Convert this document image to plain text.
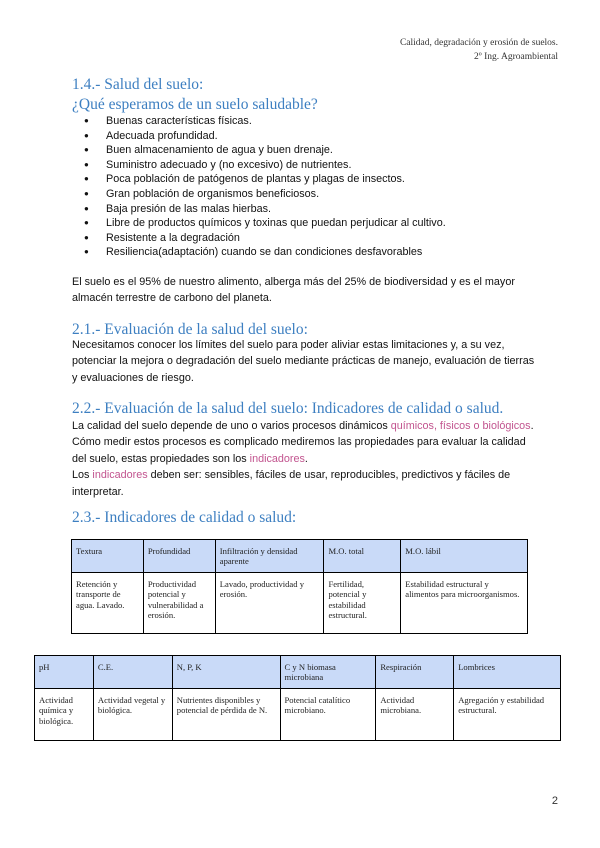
Calidad, degradación y erosión de suelos.
2º Ing. Agroambiental
1.4.- Salud del suelo:
¿Qué esperamos de un suelo saludable?
● Buenas características físicas.
● Adecuada profundidad.
● Buen almacenamiento de agua y buen drenaje.
● Suministro adecuado y (no excesivo) de nutrientes.
● Poca población de patógenos de plantas y plagas de insectos.
● Gran población de organismos beneficiosos.
● Baja presión de las malas hierbas.
● Libre de productos químicos y toxinas que puedan perjudicar al cultivo.
● Resistente a la degradación
● Resiliencia(adaptación) cuando se dan condiciones desfavorables

El suelo es el 95% de nuestro alimento, alberga más del 25% de biodiversidad y es el mayor almacén terrestre de carbono del planeta.

2.1.- Evaluación de la salud del suelo:

Necesitamos conocer los límites del suelo para poder aliviar estas limitaciones y, a su vez, potenciar la mejora o degradación del suelo mediante prácticas de manejo, evaluación de tierras y evaluaciones de riesgo.

2.2.- Evaluación de la salud del suelo: Indicadores de calidad o salud.

La calidad del suelo depende de uno o varios procesos dinámicos químicos, físicos o biológicos.
Cómo medir estos procesos es complicado mediremos las propiedades para evaluar la calidad del suelo, estas propiedades son los indicadores.
Los indicadores deben ser: sensibles, fáciles de usar, reproducibles, predictivos y fáciles de interpretar.

2.3.- Indicadores de calidad o salud:
Textura	Profundidad	Infiltración y densidad aparente	M.O. total	M.O. lábil
Retención y transporte de agua. Lavado.	Productividad potencial y vulnerabilidad a erosión.	Lavado, productividad y erosión.	Fertilidad, potencial y estabilidad estructural.	Estabilidad estructural y alimentos para microorganismos.
pH	C.E.	N, P, K	C y N biomasa microbiana	Respiración	Lombrices
Actividad química y biológica.	Actividad vegetal y biológica.	Nutrientes disponibles y potencial de pérdida de N.	Potencial catalítico microbiano.	Actividad microbiana.	Agregación y estabilidad estructural.
2
